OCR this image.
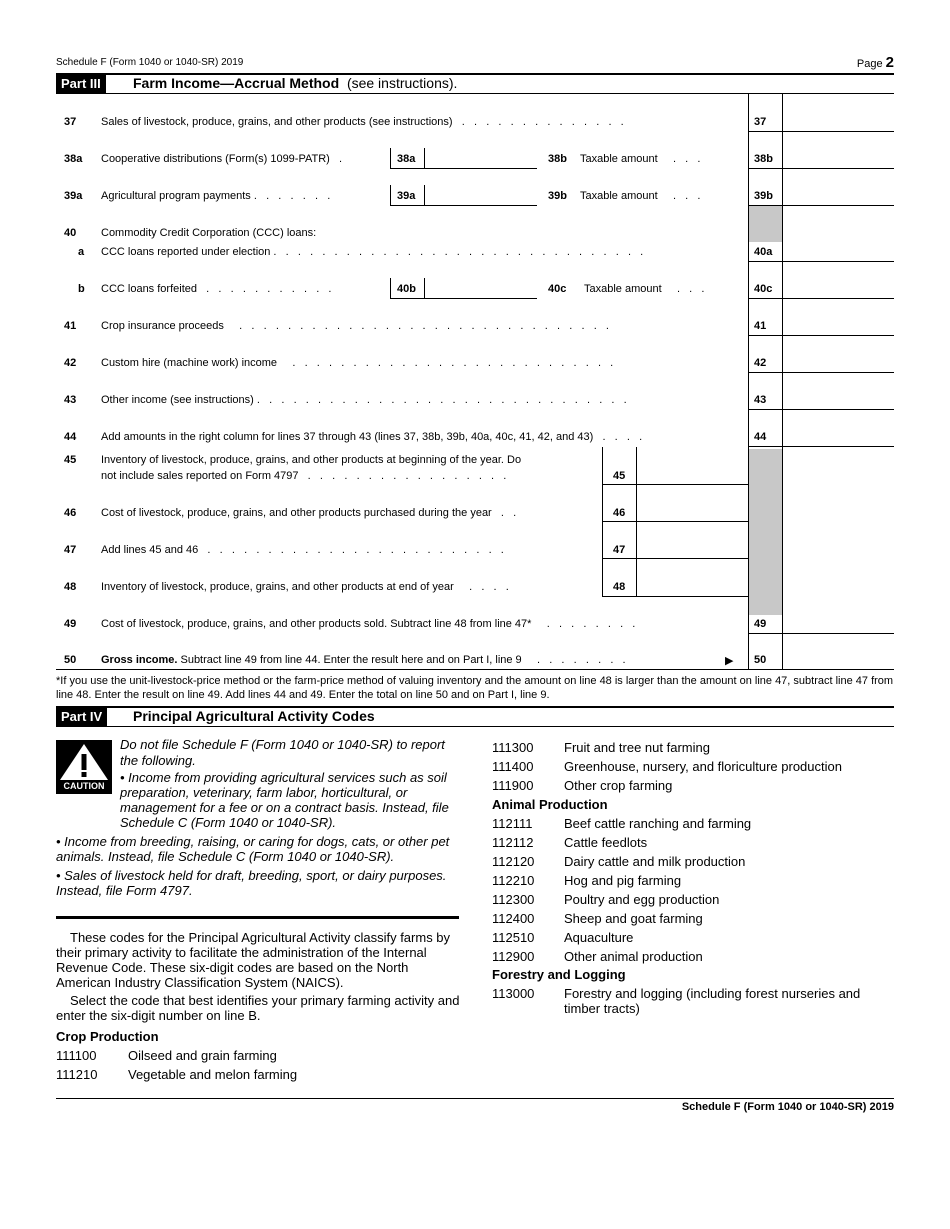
Schedule F (Form 1040 or 1040-SR) 2019	Page 2
Part III	Farm Income—Accrual Method (see instructions).
37 Sales of livestock, produce, grains, and other products (see instructions)   .   .   .   .   .   .   .   .   .   .   .   .   .   .	37
38a Cooperative distributions (Form(s) 1099-PATR)   .	38a	38b Taxable amount     .   .   .	38b
39a Agricultural program payments .   .   .   .   .   .   .	39a	39b Taxable amount     .   .   .	39b
40 Commodity Credit Corporation (CCC) loans:
a CCC loans reported under election .   .   .   .   .   .   .   .   .   .   .   .   .   .   .   .   .   .   .   .   .   .   .   .   .   .   .   .   .   .   .	40a
b CCC loans forfeited   .   .   .   .   .   .   .   .   .   .   .	40b	40c Taxable amount     .   .   .	40c
41 Crop insurance proceeds     .   .   .   .   .   .   .   .   .   .   .   .   .   .   .   .   .   .   .   .   .   .   .   .   .   .   .   .   .   .   .	41
42 Custom hire (machine work) income     .   .   .   .   .   .   .   .   .   .   .   .   .   .   .   .   .   .   .   .   .   .   .   .   .   .   .	42
43 Other income (see instructions) .   .   .   .   .   .   .   .   .   .   .   .   .   .   .   .   .   .   .   .   .   .   .   .   .   .   .   .   .   .   .	43
44 Add amounts in the right column for lines 37 through 43 (lines 37, 38b, 39b, 40a, 40c, 41, 42, and 43)   .   .   .   .	44
45 Inventory of livestock, produce, grains, and other products at beginning of the year. Do
not include sales reported on Form 4797   .   .   .   .   .   .   .   .   .   .   .   .   .   .   .   .   .	45
46 Cost of livestock, produce, grains, and other products purchased during the year   .   .	46
47 Add lines 45 and 46   .   .   .   .   .   .   .   .   .   .   .   .   .   .   .   .   .   .   .   .   .   .   .   .   .	47
48 Inventory of livestock, produce, grains, and other products at end of year     .   .   .   .	48
49 Cost of livestock, produce, grains, and other products sold. Subtract line 48 from line 47*     .   .   .   .   .   .   .   .	49
50 Gross income. Subtract line 49 from line 44. Enter the result here and on Part I, line 9     .   .   .   .   .   .   .   .	▶ 50
*If you use the unit-livestock-price method or the farm-price method of valuing inventory and the amount on line 48 is larger than the amount on line 47, subtract line 47 from line 48. Enter the result on line 49. Add lines 44 and 49. Enter the total on line 50 and on Part I, line 9.
Part IV	Principal Agricultural Activity Codes
CAUTION
Do not file Schedule F (Form 1040 or 1040-SR) to report the following.
• Income from providing agricultural services such as soil preparation, veterinary, farm labor, horticultural, or management for a fee or on a contract basis. Instead, file Schedule C (Form 1040 or 1040-SR).
• Income from breeding, raising, or caring for dogs, cats, or other pet animals. Instead, file Schedule C (Form 1040 or 1040-SR).
• Sales of livestock held for draft, breeding, sport, or dairy purposes. Instead, file Form 4797.

These codes for the Principal Agricultural Activity classify farms by their primary activity to facilitate the administration of the Internal Revenue Code. These six-digit codes are based on the North American Industry Classification System (NAICS).

Select the code that best identifies your primary farming activity and enter the six-digit number on line B.

Crop Production
111100 Oilseed and grain farming
111210 Vegetable and melon farming
111300 Fruit and tree nut farming
111400 Greenhouse, nursery, and floriculture production
111900 Other crop farming
Animal Production
112111 Beef cattle ranching and farming
112112 Cattle feedlots
112120 Dairy cattle and milk production
112210 Hog and pig farming
112300 Poultry and egg production
112400 Sheep and goat farming
112510 Aquaculture
112900 Other animal production
Forestry and Logging
113000 Forestry and logging (including forest nurseries and
timber tracts)
Schedule F (Form 1040 or 1040-SR) 2019
